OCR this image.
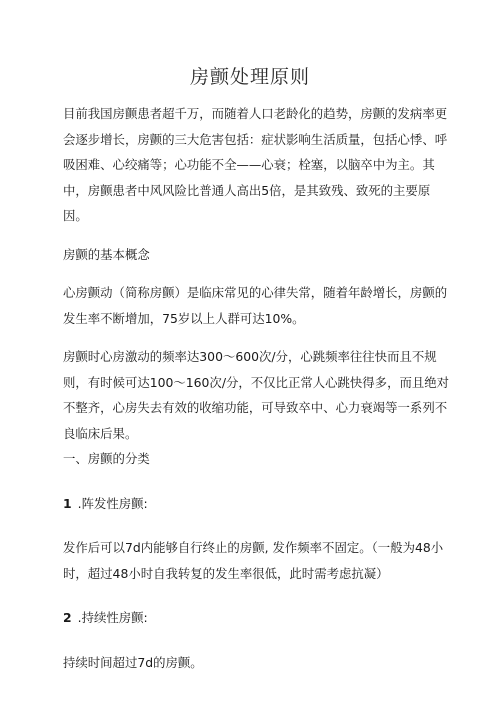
房颤处理原则

目前我国房颤患者超千万，而随着人口老龄化的趋势，房颤的发病率更会逐步增长，房颤的三大危害包括：症状影响生活质量，包括心悸、呼吸困难、心绞痛等；心功能不全——心衰；栓塞，以脑卒中为主。其中，房颤患者中风风险比普通人高出5倍，是其致残、致死的主要原因。

房颤的基本概念

心房颤动（简称房颤）是临床常见的心律失常，随着年龄增长，房颤的发生率不断增加，75岁以上人群可达10%。

房颤时心房激动的频率达300〜600次/分，心跳频率往往快而且不规则，有时候可达100〜160次/分，不仅比正常人心跳快得多，而且绝对不整齐，心房失去有效的收缩功能，可导致卒中、心力衰竭等一系列不良临床后果。

一、房颤的分类

1 .阵发性房颤:

发作后可以7d内能够自行终止的房颤, 发作频率不固定。（一般为48小时，超过48小时自我转复的发生率很低，此时需考虑抗凝）

2 .持续性房颤:

持续时间超过7d的房颤。
